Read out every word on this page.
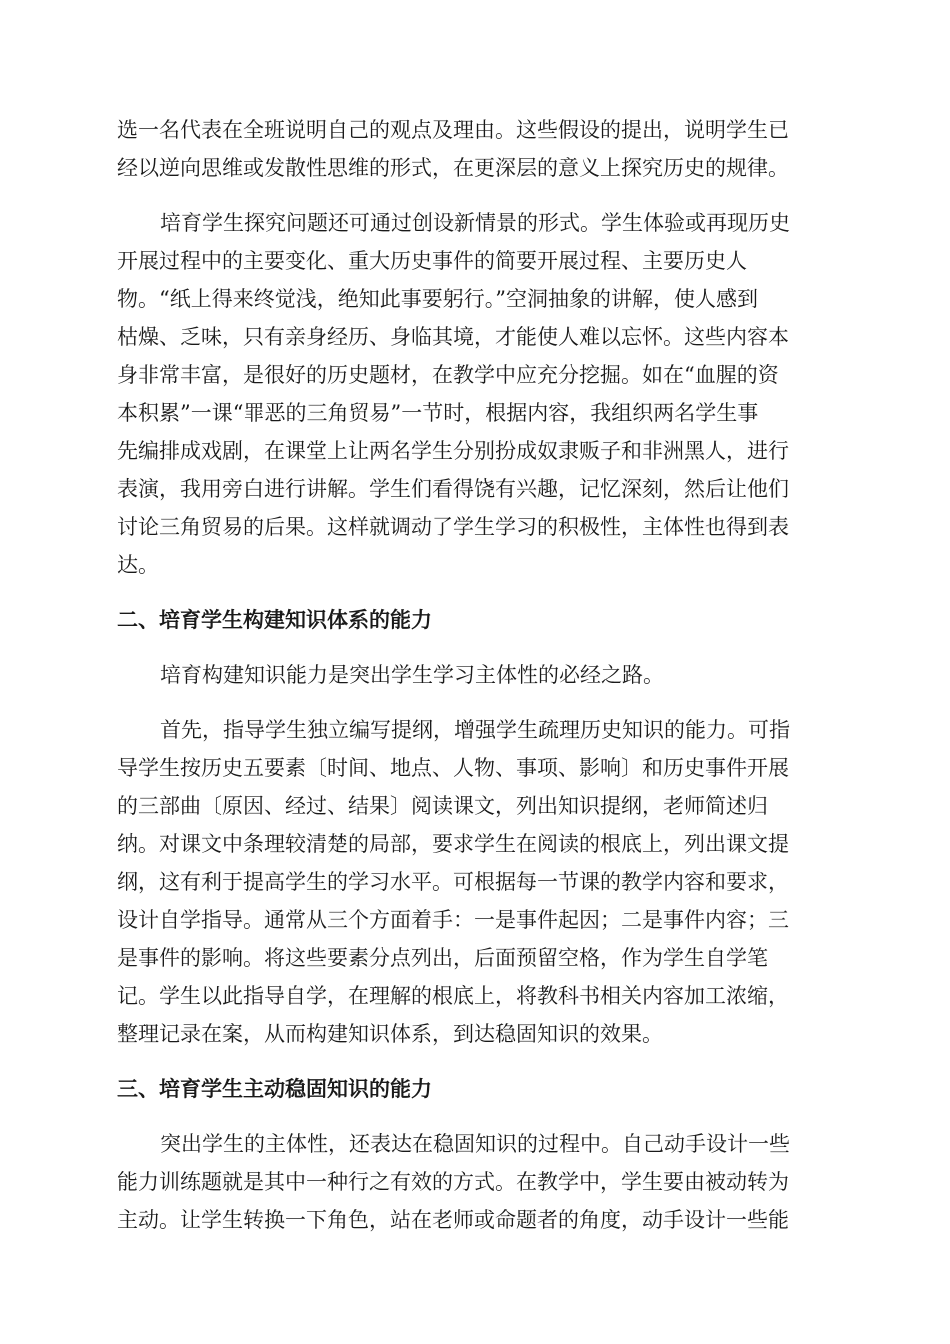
选一名代表在全班说明自己的观点及理由。这些假设的提出，说明学生已
经以逆向思维或发散性思维的形式，在更深层的意义上探究历史的规律。
培育学生探究问题还可通过创设新情景的形式。学生体验或再现历史
开展过程中的主要变化、重大历史事件的简要开展过程、主要历史人
物。“纸上得来终觉浅，绝知此事要躬行。”空洞抽象的讲解，使人感到
枯燥、乏味，只有亲身经历、身临其境，才能使人难以忘怀。这些内容本
身非常丰富，是很好的历史题材，在教学中应充分挖掘。如在“血腥的资
本积累”一课“罪恶的三角贸易”一节时，根据内容，我组织两名学生事
先编排成戏剧，在课堂上让两名学生分别扮成奴隶贩子和非洲黑人，进行
表演，我用旁白进行讲解。学生们看得饶有兴趣，记忆深刻，然后让他们
讨论三角贸易的后果。这样就调动了学生学习的积极性，主体性也得到表
达。
二、培育学生构建知识体系的能力
培育构建知识能力是突出学生学习主体性的必经之路。
首先，指导学生独立编写提纲，增强学生疏理历史知识的能力。可指
导学生按历史五要素〔时间、地点、人物、事项、影响〕和历史事件开展
的三部曲〔原因、经过、结果〕阅读课文，列出知识提纲，老师简述归
纳。对课文中条理较清楚的局部，要求学生在阅读的根底上，列出课文提
纲，这有利于提高学生的学习水平。可根据每一节课的教学内容和要求，
设计自学指导。通常从三个方面着手：一是事件起因；二是事件内容；三
是事件的影响。将这些要素分点列出，后面预留空格，作为学生自学笔
记。学生以此指导自学，在理解的根底上，将教科书相关内容加工浓缩，
整理记录在案，从而构建知识体系，到达稳固知识的效果。
三、培育学生主动稳固知识的能力
突出学生的主体性，还表达在稳固知识的过程中。自己动手设计一些
能力训练题就是其中一种行之有效的方式。在教学中，学生要由被动转为
主动。让学生转换一下角色，站在老师或命题者的角度，动手设计一些能
